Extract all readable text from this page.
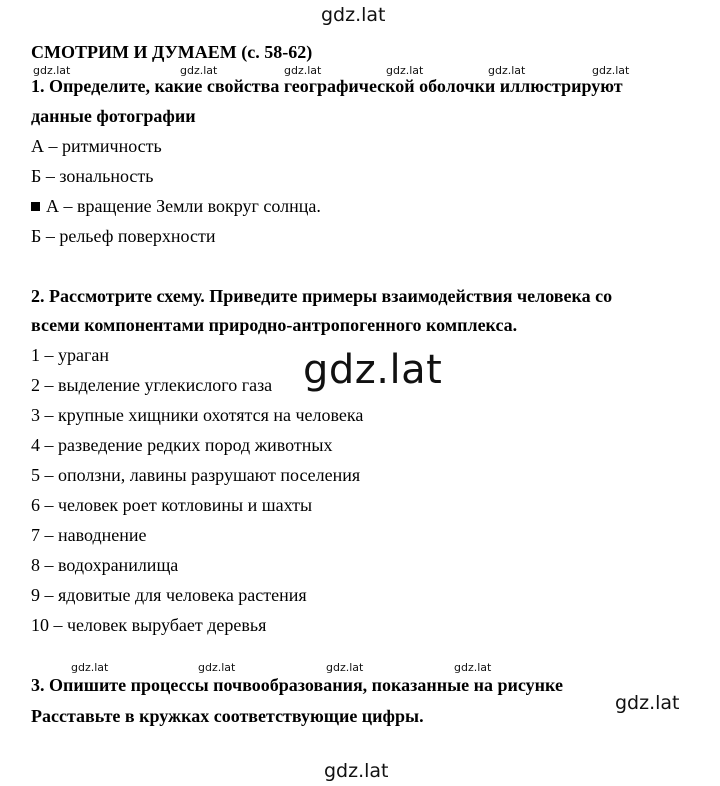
gdz.lat
СМОТРИМ И ДУМАЕМ (с. 58-62)
gdz.lat	gdz.lat	gdz.lat	gdz.lat	gdz.lat	gdz.lat
1. Определите, какие свойства географической оболочки иллюстрируют
данные фотографии
А – ритмичность
Б – зональность
А – вращение Земли вокруг солнца.
Б – рельеф поверхности
2. Рассмотрите схему. Приведите примеры взаимодействия человека со
всеми компонентами природно-антропогенного комплекса.
1 – ураган
2 – выделение углекислого газа
3 – крупные хищники охотятся на человека
4 – разведение редких пород животных
5 – оползни, лавины разрушают поселения
6 – человек роет котловины и шахты
7 – наводнение
8 – водохранилища
9 – ядовитые для человека растения
10 – человек вырубает деревья
gdz.lat
gdz.lat	gdz.lat	gdz.lat	gdz.lat
3. Опишите процессы почвообразования, показанные на рисунке
Расставьте в кружках соответствующие цифры.
gdz.lat
gdz.lat
